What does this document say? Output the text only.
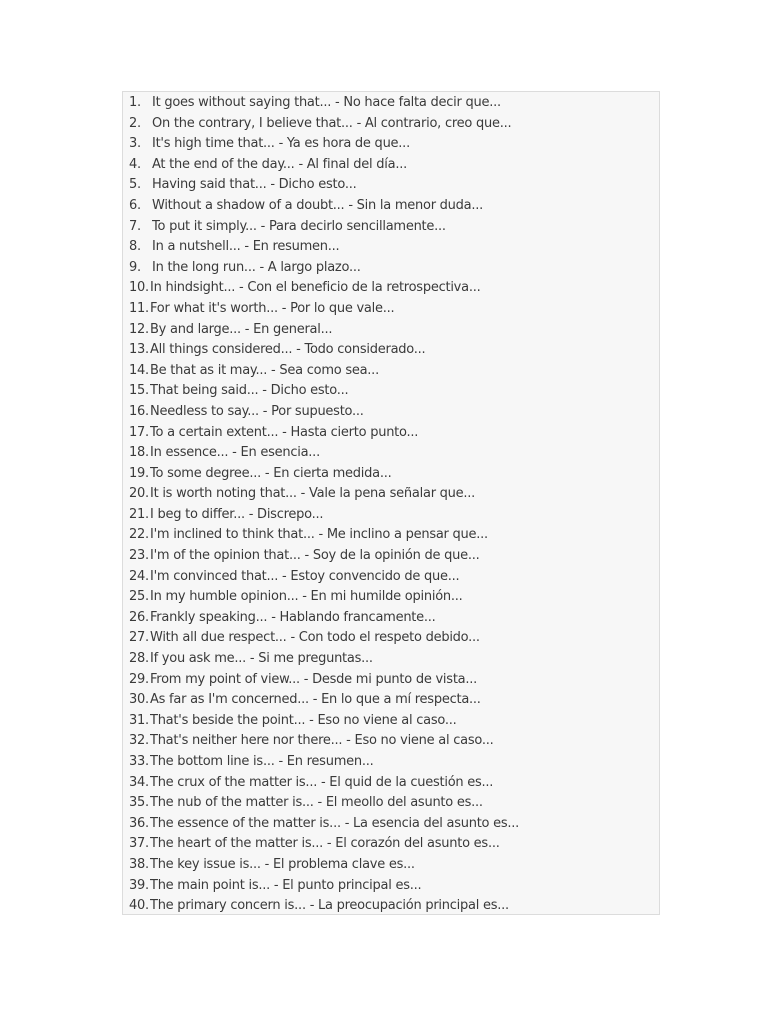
1. It goes without saying that... - No hace falta decir que...
2. On the contrary, I believe that... - Al contrario, creo que...
3. It's high time that... - Ya es hora de que...
4. At the end of the day... - Al final del día...
5. Having said that... - Dicho esto...
6. Without a shadow of a doubt... - Sin la menor duda...
7. To put it simply... - Para decirlo sencillamente...
8. In a nutshell... - En resumen...
9. In the long run... - A largo plazo...
10. In hindsight... - Con el beneficio de la retrospectiva...
11. For what it's worth... - Por lo que vale...
12. By and large... - En general...
13. All things considered... - Todo considerado...
14. Be that as it may... - Sea como sea...
15. That being said... - Dicho esto...
16. Needless to say... - Por supuesto...
17. To a certain extent... - Hasta cierto punto...
18. In essence... - En esencia...
19. To some degree... - En cierta medida...
20. It is worth noting that... - Vale la pena señalar que...
21. I beg to differ... - Discrepo...
22. I'm inclined to think that... - Me inclino a pensar que...
23. I'm of the opinion that... - Soy de la opinión de que...
24. I'm convinced that... - Estoy convencido de que...
25. In my humble opinion... - En mi humilde opinión...
26. Frankly speaking... - Hablando francamente...
27. With all due respect... - Con todo el respeto debido...
28. If you ask me... - Si me preguntas...
29. From my point of view... - Desde mi punto de vista...
30. As far as I'm concerned... - En lo que a mí respecta...
31. That's beside the point... - Eso no viene al caso...
32. That's neither here nor there... - Eso no viene al caso...
33. The bottom line is... - En resumen...
34. The crux of the matter is... - El quid de la cuestión es...
35. The nub of the matter is... - El meollo del asunto es...
36. The essence of the matter is... - La esencia del asunto es...
37. The heart of the matter is... - El corazón del asunto es...
38. The key issue is... - El problema clave es...
39. The main point is... - El punto principal es...
40. The primary concern is... - La preocupación principal es...
